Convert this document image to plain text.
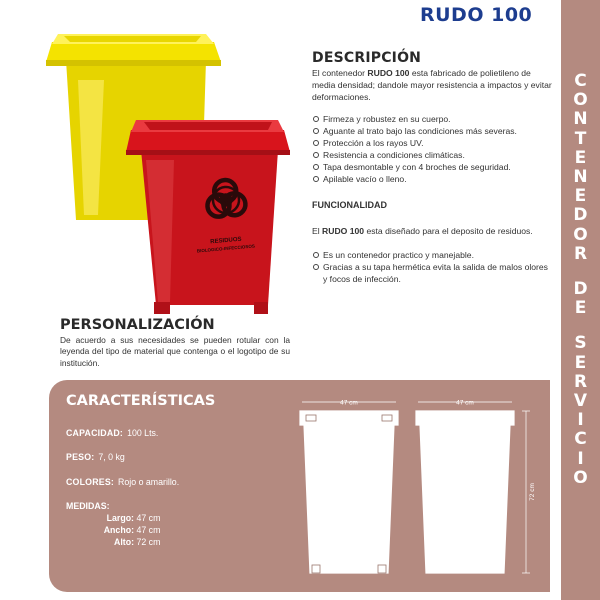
C
O
N
T
E
N
E
D
O
R
D
E
S
E
R
V
I
C
I
O
RUDO 100
RESIDUOS
BIOLOGICO-INFECCIOSOS
DESCRIPCIÓN

El contenedor RUDO 100 esta fabricado de polietileno de media densidad; dandole mayor resistencia a impactos y evitar deformaciones.

Firmeza y robustez en su cuerpo.
Aguante al trato bajo las condiciones más severas.
Protección a los rayos UV.
Resistencia a condiciones climáticas.
Tapa desmontable y con 4 broches de seguridad.
Apilable vacío o lleno.
FUNCIONALIDAD

El RUDO 100 esta diseñado para el deposito de residuos.

Es un contenedor practico y manejable.
Gracias a su tapa hermética evita la salida de malos olores y focos de infección.
PERSONALIZACIÓN

De acuerdo a sus necesidades se pueden rotular con la leyenda del tipo de material que contenga o el logotipo de su institución.

CARACTERÍSTICAS
CAPACIDAD: 100 Lts.
PESO: 7, 0 kg
COLORES: Rojo o amarillo.
MEDIDAS:
Largo: 47 cm
Ancho: 47 cm
Alto: 72 cm
47 cm	47 cm
72 cm
